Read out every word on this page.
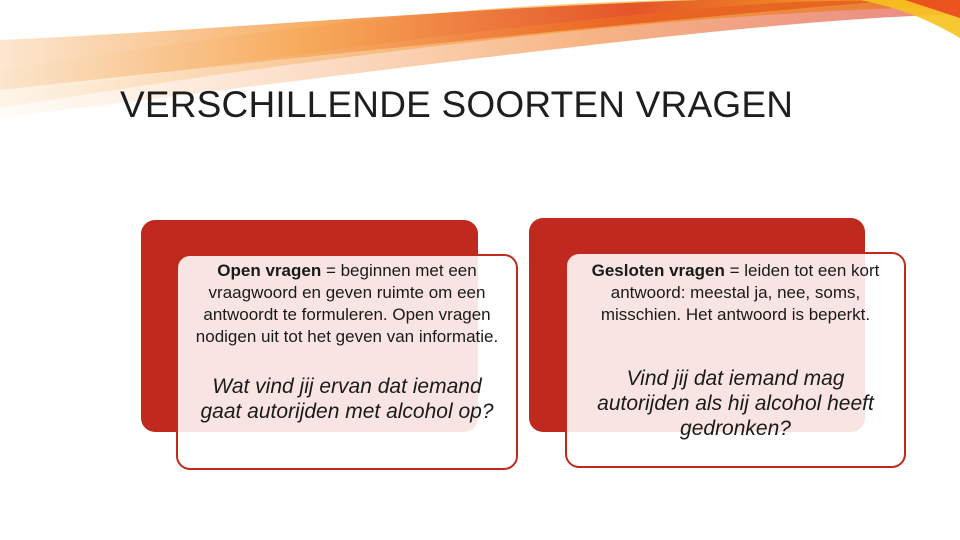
VERSCHILLENDE SOORTEN VRAGEN

Open vragen = beginnen met een vraagwoord en geven ruimte om een antwoordt te formuleren. Open vragen nodigen uit tot het geven van informatie.

Wat vind jij ervan dat iemand gaat autorijden met alcohol op?

Gesloten vragen = leiden tot een kort antwoord: meestal ja, nee, soms, misschien. Het antwoord is beperkt.

Vind jij dat iemand mag autorijden als hij alcohol heeft gedronken?
